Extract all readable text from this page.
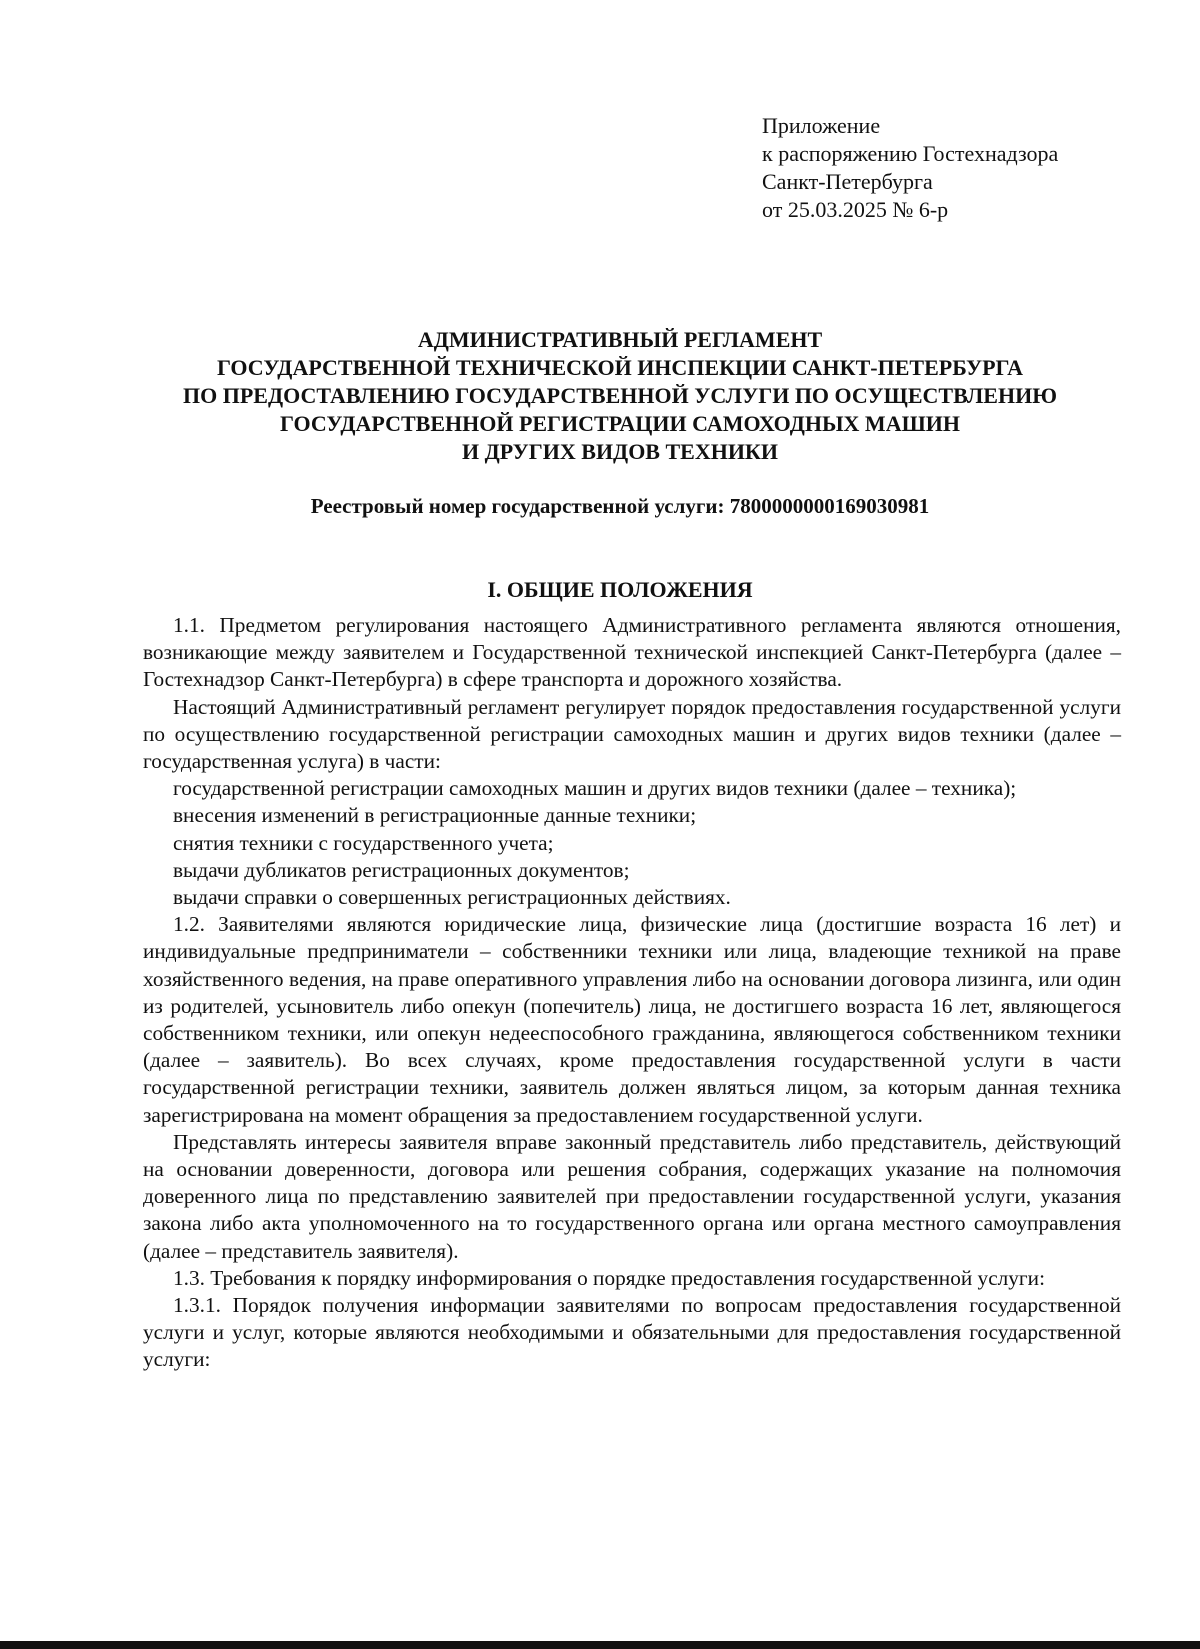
Приложение
к распоряжению Гостехнадзора
Санкт-Петербурга
от 25.03.2025 № 6-р
АДМИНИСТРАТИВНЫЙ РЕГЛАМЕНТ
ГОСУДАРСТВЕННОЙ ТЕХНИЧЕСКОЙ ИНСПЕКЦИИ САНКТ-ПЕТЕРБУРГА
ПО ПРЕДОСТАВЛЕНИЮ ГОСУДАРСТВЕННОЙ УСЛУГИ ПО ОСУЩЕСТВЛЕНИЮ
ГОСУДАРСТВЕННОЙ РЕГИСТРАЦИИ САМОХОДНЫХ МАШИН
И ДРУГИХ ВИДОВ ТЕХНИКИ
Реестровый номер государственной услуги: 7800000000169030981
I. ОБЩИЕ ПОЛОЖЕНИЯ

1.1. Предметом регулирования настоящего Административного регламента являются отношения, возникающие между заявителем и Государственной технической инспекцией Санкт-Петербурга (далее – Гостехнадзор Санкт-Петербурга) в сфере транспорта и дорожного хозяйства.

Настоящий Административный регламент регулирует порядок предоставления государственной услуги по осуществлению государственной регистрации самоходных машин и других видов техники (далее – государственная услуга) в части:

государственной регистрации самоходных машин и других видов техники (далее – техника);

внесения изменений в регистрационные данные техники;

снятия техники с государственного учета;

выдачи дубликатов регистрационных документов;

выдачи справки о совершенных регистрационных действиях.

1.2. Заявителями являются юридические лица, физические лица (достигшие возраста 16 лет) и индивидуальные предприниматели – собственники техники или лица, владеющие техникой на праве хозяйственного ведения, на праве оперативного управления либо на основании договора лизинга, или один из родителей, усыновитель либо опекун (попечитель) лица, не достигшего возраста 16 лет, являющегося собственником техники, или опекун недееспособного гражданина, являющегося собственником техники (далее – заявитель). Во всех случаях, кроме предоставления государственной услуги в части государственной регистрации техники, заявитель должен являться лицом, за которым данная техника зарегистрирована на момент обращения за предоставлением государственной услуги.

Представлять интересы заявителя вправе законный представитель либо представитель, действующий на основании доверенности, договора или решения собрания, содержащих указание на полномочия доверенного лица по представлению заявителей при предоставлении государственной услуги, указания закона либо акта уполномоченного на то государственного органа или органа местного самоуправления (далее – представитель заявителя).

1.3. Требования к порядку информирования о порядке предоставления государственной услуги:

1.3.1. Порядок получения информации заявителями по вопросам предоставления государственной услуги и услуг, которые являются необходимыми и обязательными для предоставления государственной услуги:
